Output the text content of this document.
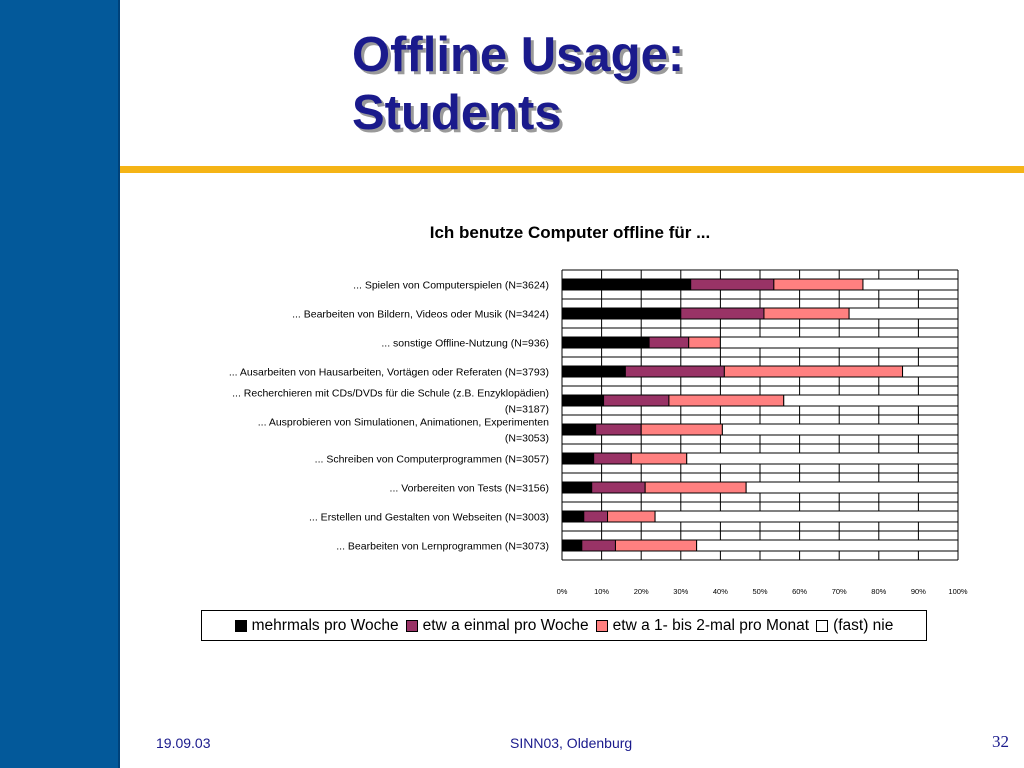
Offline Usage:
Students
Ich benutze Computer offline für ...
... Spielen von Computerspielen (N=3624)
... Bearbeiten von Bildern, Videos oder Musik (N=3424)
... sonstige Offline-Nutzung (N=936)
... Ausarbeiten von Hausarbeiten, Vortägen oder Referaten (N=3793)
... Recherchieren mit CDs/DVDs für die Schule (z.B. Enzyklopädien)
(N=3187)
... Ausprobieren von Simulationen, Animationen, Experimenten
(N=3053)
... Schreiben von Computerprogrammen (N=3057)
... Vorbereiten von Tests (N=3156)
... Erstellen und Gestalten von Webseiten (N=3003)
... Bearbeiten von Lernprogrammen (N=3073)
0%	10%	20%	30%	40%	50%	60%	70%	80%	90%	100%
mehrmals pro Woche etw a einmal pro Woche etw a 1- bis 2-mal pro Monat (fast) nie
19.09.03	SINN03, Oldenburg	32
